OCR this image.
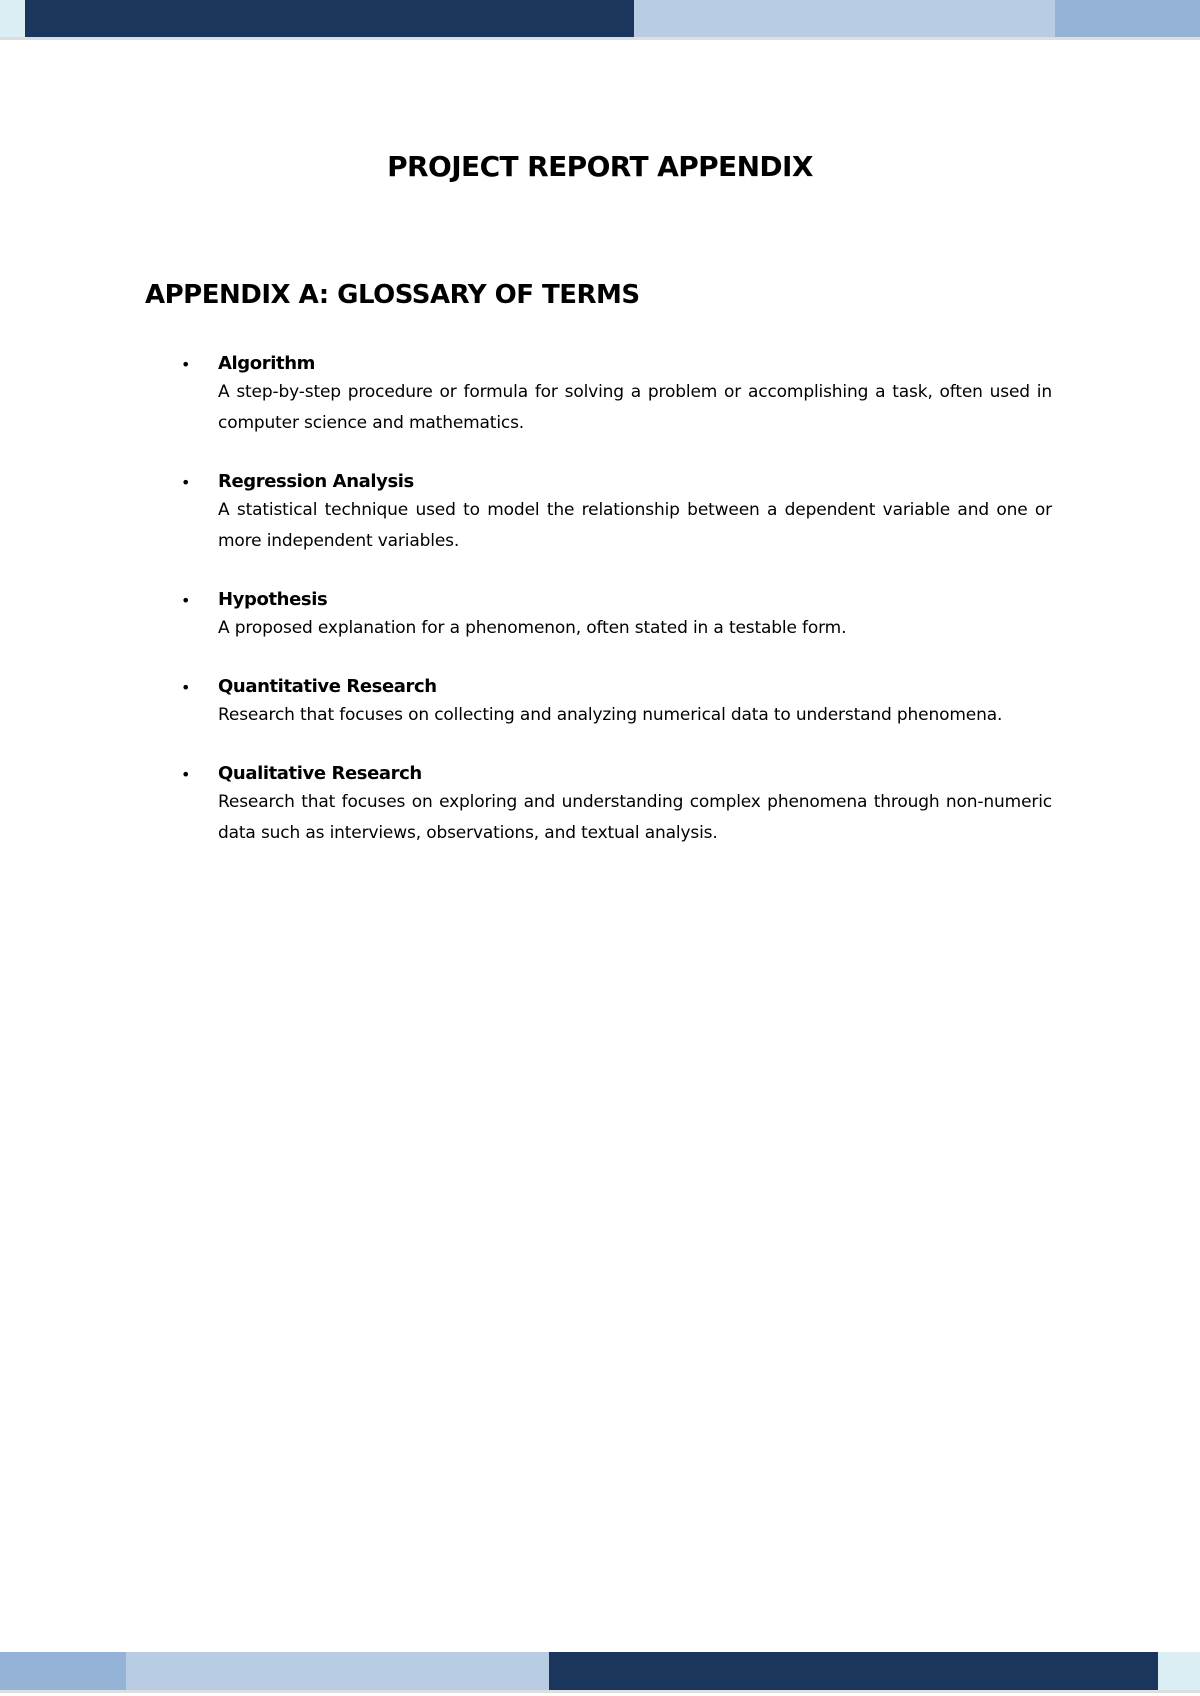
PROJECT REPORT APPENDIX
APPENDIX A: GLOSSARY OF TERMS
• Algorithm
A step-by-step procedure or formula for solving a problem or accomplishing a task, often used in computer science and mathematics.
• Regression Analysis
A statistical technique used to model the relationship between a dependent variable and one or more independent variables.
• Hypothesis
A proposed explanation for a phenomenon, often stated in a testable form.
• Quantitative Research
Research that focuses on collecting and analyzing numerical data to understand phenomena.
• Qualitative Research
Research that focuses on exploring and understanding complex phenomena through non-numeric data such as interviews, observations, and textual analysis.
